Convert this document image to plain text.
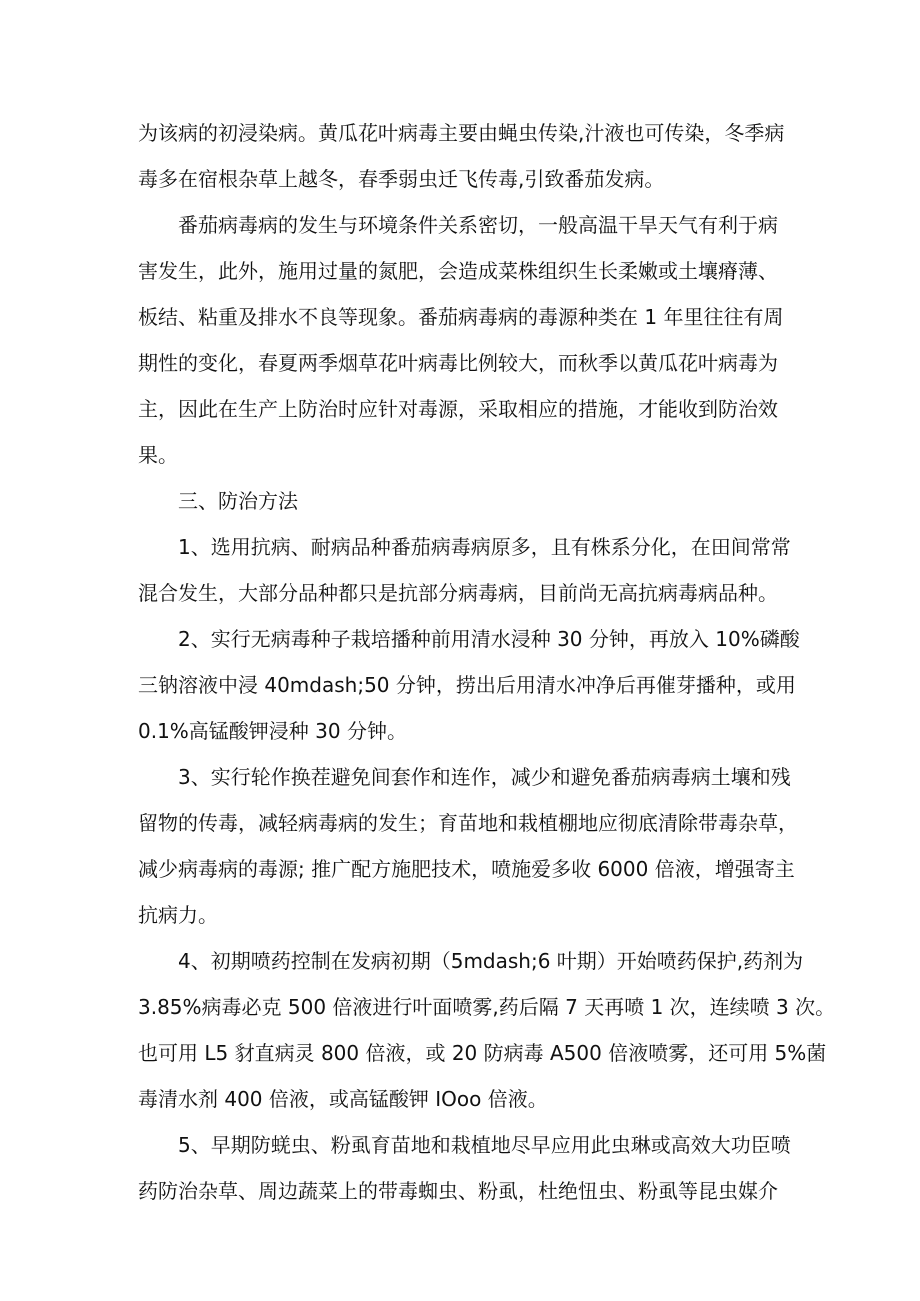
为该病的初浸染病。黄瓜花叶病毒主要由蝇虫传染,汁液也可传染，冬季病
毒多在宿根杂草上越冬，春季弱虫迁飞传毒,引致番茄发病。
番茄病毒病的发生与环境条件关系密切，一般高温干旱天气有利于病
害发生，此外，施用过量的氮肥，会造成菜株组织生长柔嫩或土壤瘠薄、
板结、粘重及排水不良等现象。番茄病毒病的毒源种类在 1 年里往往有周
期性的变化，春夏两季烟草花叶病毒比例较大，而秋季以黄瓜花叶病毒为
主，因此在生产上防治时应针对毒源，采取相应的措施，才能收到防治效
果。
三、防治方法
1、选用抗病、耐病品种番茄病毒病原多，且有株系分化，在田间常常
混合发生，大部分品种都只是抗部分病毒病，目前尚无高抗病毒病品种。
2、实行无病毒种子栽培播种前用清水浸种 30 分钟，再放入 10%磷酸
三钠溶液中浸 40mdash;50 分钟，捞出后用清水冲净后再催芽播种，或用
0.1%高锰酸钾浸种 30 分钟。
3、实行轮作换茬避免间套作和连作，减少和避免番茄病毒病土壤和残
留物的传毒，减轻病毒病的发生；育苗地和栽植棚地应彻底清除带毒杂草，
减少病毒病的毒源; 推广配方施肥技术，喷施爱多收 6000 倍液，增强寄主
抗病力。
4、初期喷药控制在发病初期（5mdash;6 叶期）开始喷药保护,药剂为
3.85%病毒必克 500 倍液进行叶面喷雾,药后隔 7 天再喷 1 次，连续喷 3 次。
也可用 L5 豺直病灵 800 倍液，或 20 防病毒 A500 倍液喷雾，还可用 5%菌
毒清水剂 400 倍液，或高锰酸钾 IOoo 倍液。
5、早期防蜣虫、粉虱育苗地和栽植地尽早应用此虫琳或高效大功臣喷
药防治杂草、周边蔬菜上的带毒蜘虫、粉虱，杜绝忸虫、粉虱等昆虫媒介
